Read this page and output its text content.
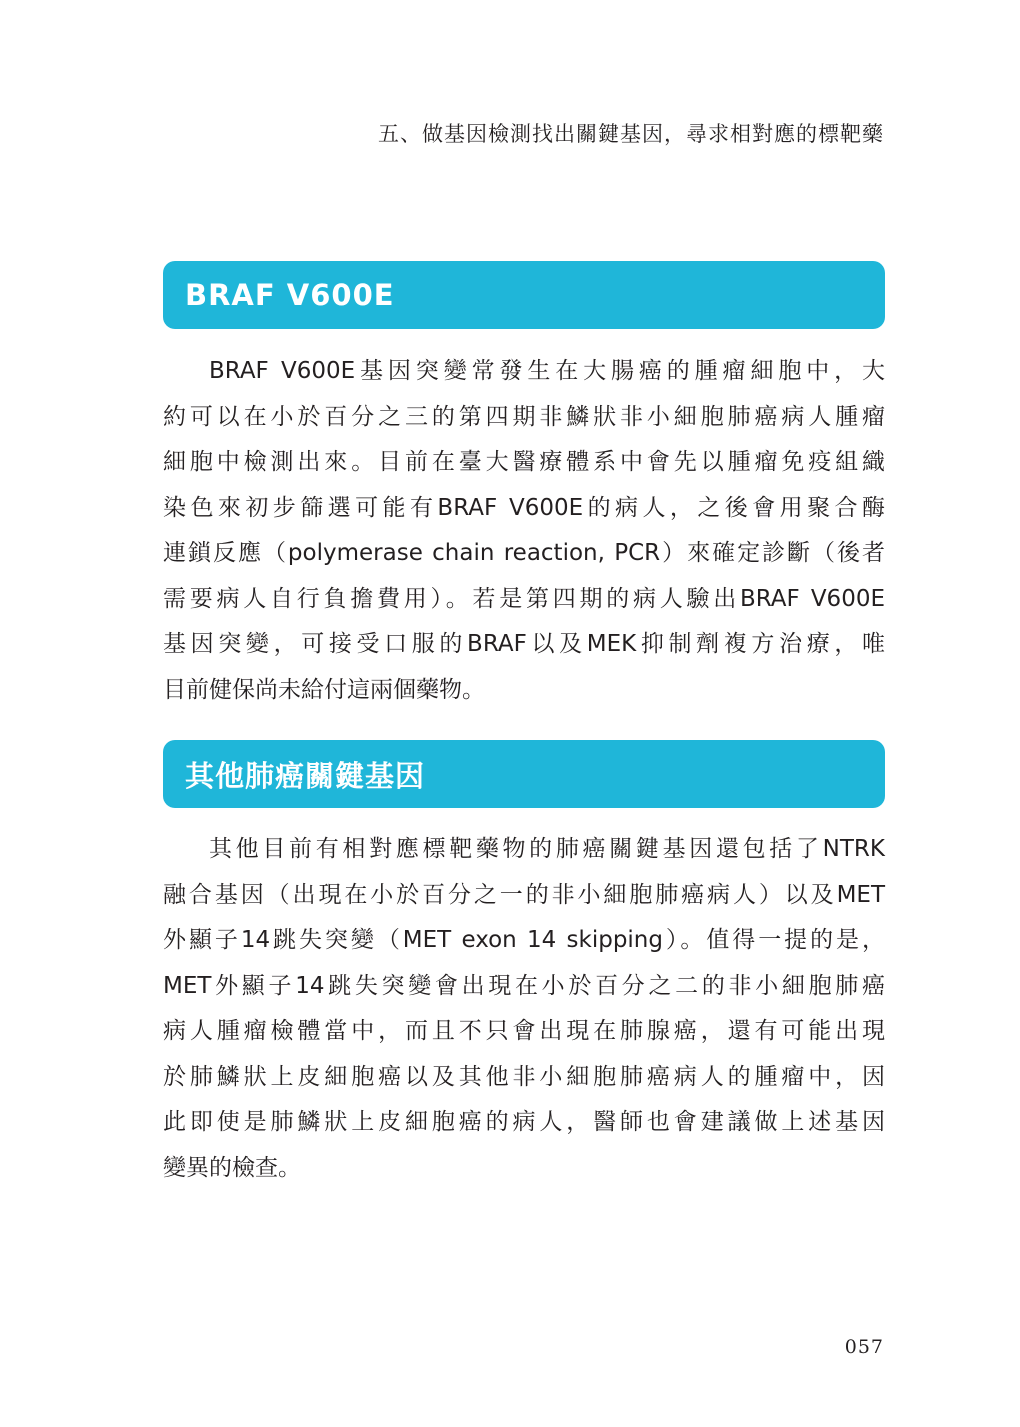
五、做基因檢測找出關鍵基因，尋求相對應的標靶藥
BRAF V600E

BRAF V600E基因突變常發生在大腸癌的腫瘤細胞中，大
約可以在小於百分之三的第四期非鱗狀非小細胞肺癌病人腫瘤
細胞中檢測出來。目前在臺大醫療體系中會先以腫瘤免疫組織
染色來初步篩選可能有BRAF V600E的病人，之後會用聚合酶
連鎖反應（polymerase chain reaction, PCR）來確定診斷（後者
需要病人自行負擔費用）。若是第四期的病人驗出BRAF V600E
基因突變，可接受口服的BRAF以及MEK抑制劑複方治療，唯
目前健保尚未給付這兩個藥物。

其他肺癌關鍵基因

其他目前有相對應標靶藥物的肺癌關鍵基因還包括了NTRK
融合基因（出現在小於百分之一的非小細胞肺癌病人）以及MET
外顯子14跳失突變（MET exon 14 skipping）。值得一提的是，
MET外顯子14跳失突變會出現在小於百分之二的非小細胞肺癌
病人腫瘤檢體當中，而且不只會出現在肺腺癌，還有可能出現
於肺鱗狀上皮細胞癌以及其他非小細胞肺癌病人的腫瘤中，因
此即使是肺鱗狀上皮細胞癌的病人，醫師也會建議做上述基因
變異的檢查。

057
